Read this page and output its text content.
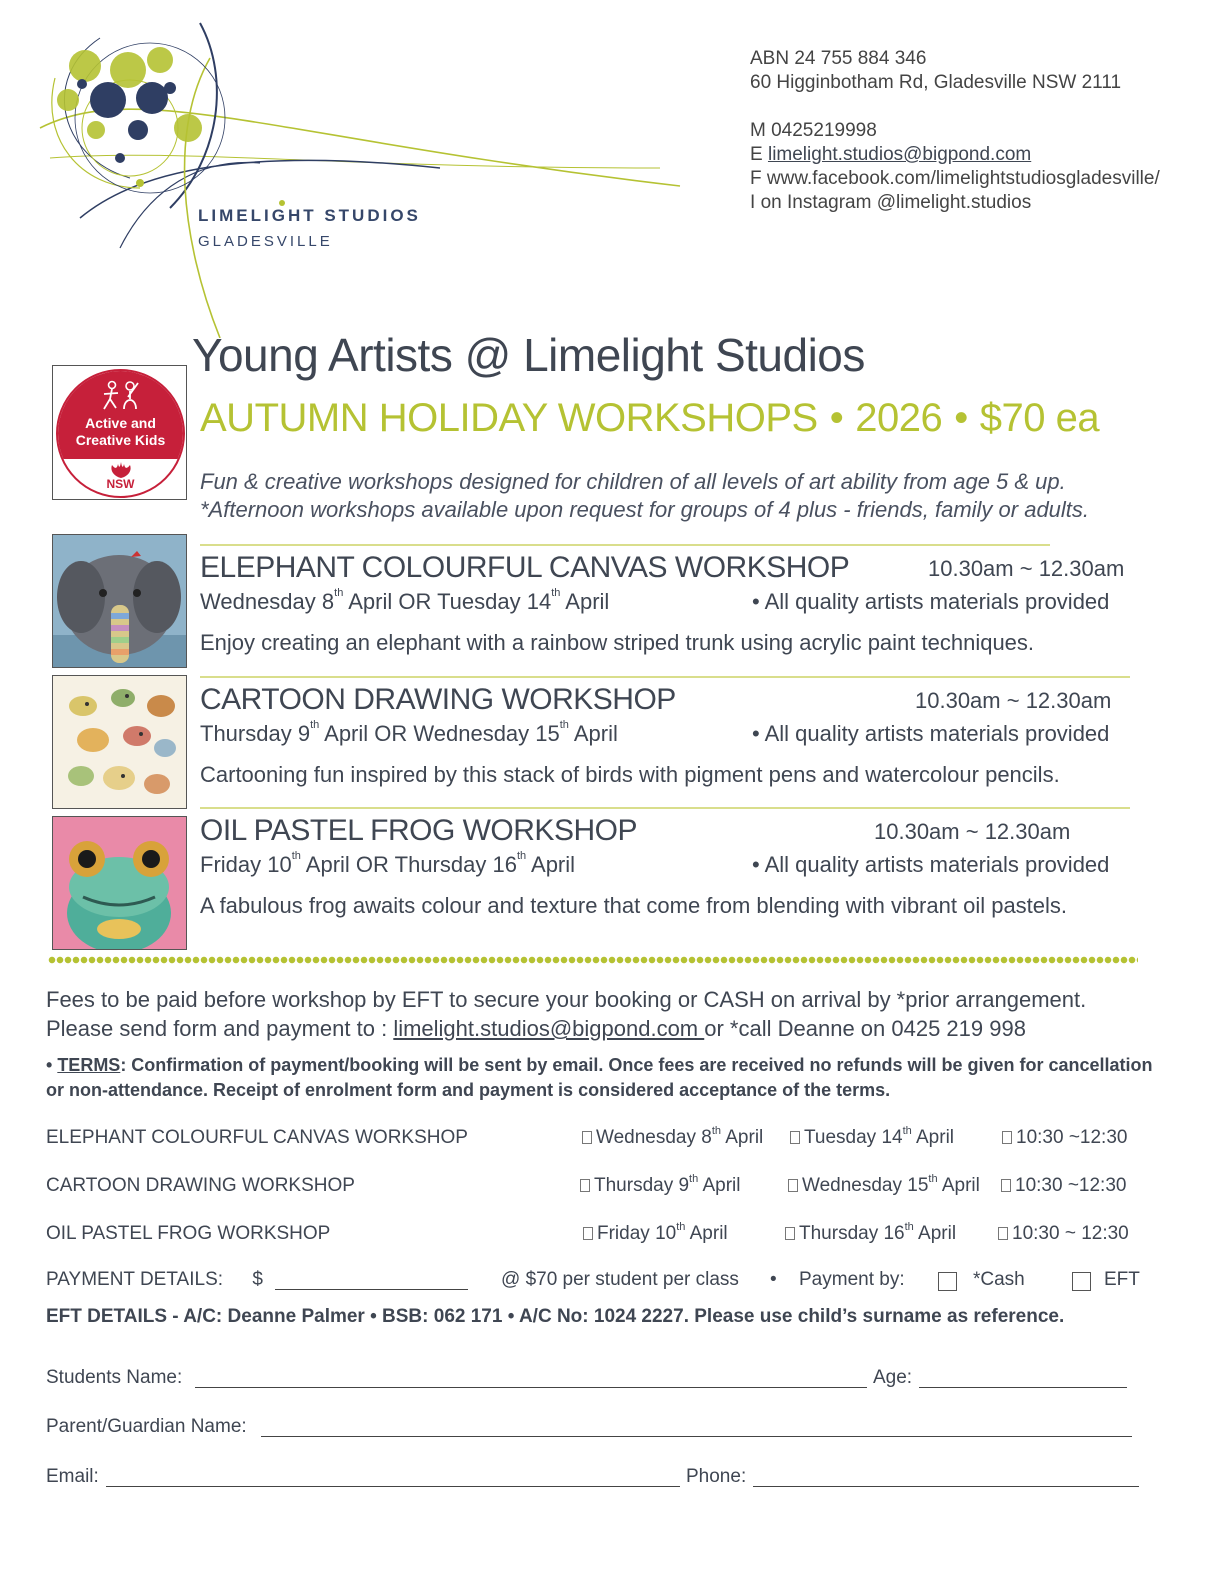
LIMELIGHT STUDIOS
GLADESVILLE
ABN 24 755 884 346
60 Higginbotham Rd, Gladesville NSW 2111
M 0425219998
E limelight.studios@bigpond.com
F www.facebook.com/limelightstudiosgladesville/
I on Instagram @limelight.studios
Active and
Creative Kids
NSW
Young Artists @ Limelight Studios
AUTUMN HOLIDAY WORKSHOPS • 2026 • $70 ea
Fun & creative workshops designed for children of all levels of art ability from age 5 & up.
*Afternoon workshops available upon request for groups of 4 plus - friends, family or adults.
ELEPHANT COLOURFUL CANVAS WORKSHOP	10.30am ~ 12.30am
Wednesday 8th April OR Tuesday 14th April	• All quality artists materials provided
Enjoy creating an elephant with a rainbow striped trunk using acrylic paint techniques.
CARTOON DRAWING WORKSHOP	10.30am ~ 12.30am
Thursday 9th April OR Wednesday 15th April	• All quality artists materials provided
Cartooning fun inspired by this stack of birds with pigment pens and watercolour pencils.
OIL PASTEL FROG WORKSHOP	10.30am ~ 12.30am
Friday 10th April OR Thursday 16th April	• All quality artists materials provided
A fabulous frog awaits colour and texture that come from blending with vibrant oil pastels.
Fees to be paid before workshop by EFT to secure your booking or CASH on arrival by *prior arrangement.
Please send form and payment to : limelight.studios@bigpond.com or *call Deanne on 0425 219 998
• TERMS: Confirmation of payment/booking will be sent by email. Once fees are received no refunds will be given for cancellation or non-attendance. Receipt of enrolment form and payment is considered acceptance of the terms.
ELEPHANT COLOURFUL CANVAS WORKSHOP	Wednesday 8th April	Tuesday 14th April	10:30 ~12:30
CARTOON DRAWING WORKSHOP	Thursday 9th April	Wednesday 15th April	10:30 ~12:30
OIL PASTEL FROG WORKSHOP	Friday 10th April	Thursday 16th April	10:30 ~ 12:30
PAYMENT DETAILS: $	@ $70 per student per class • Payment by:	*Cash	EFT
EFT DETAILS - A/C: Deanne Palmer • BSB: 062 171 • A/C No: 1024 2227. Please use child’s surname as reference.
Students Name:	Age:
Parent/Guardian Name:
Email:	Phone:
